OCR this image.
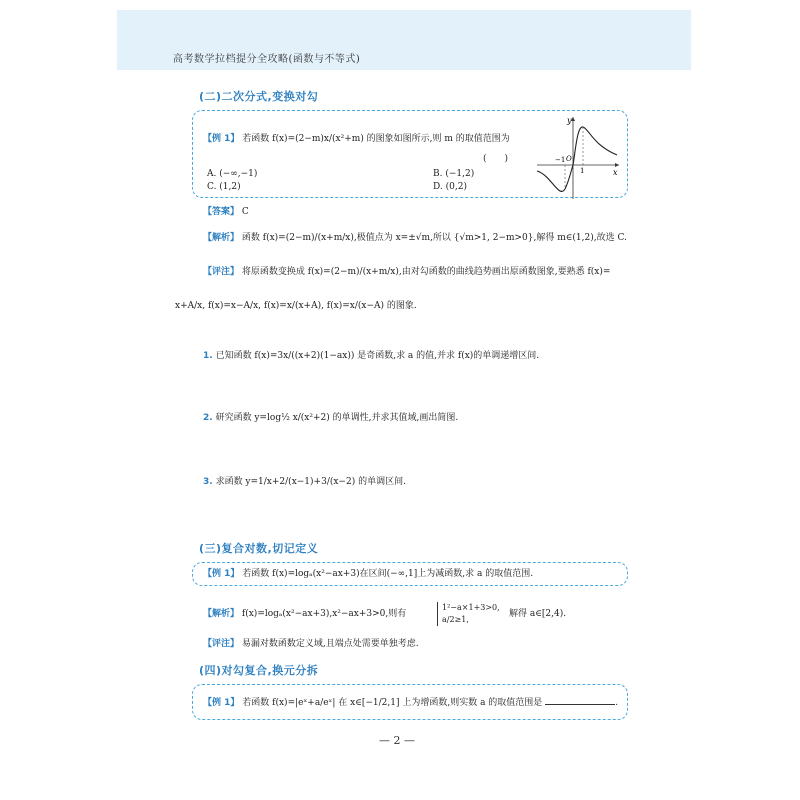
高考数学拉档提分全攻略(函数与不等式)
(二)二次分式,变换对勾
【例 1】 若函数 f(x)=(2−m)x/(x²+m) 的图象如图所示,则 m 的取值范围为
(　　)
A. (−∞,−1)	B. (−1,2)
C. (1,2)	D. (0,2)
y
x
O
−1
1
【答案】 C
【解析】 函数 f(x)=(2−m)/(x+m/x),极值点为 x=±√m,所以 {√m>1, 2−m>0},解得 m∈(1,2),故选 C.
【评注】 将原函数变换成 f(x)=(2−m)/(x+m/x),由对勾函数的曲线趋势画出原函数图象,要熟悉 f(x)=
x+A/x, f(x)=x−A/x, f(x)=x/(x+A), f(x)=x/(x−A) 的图象.
1. 已知函数 f(x)=3x/((x+2)(1−ax)) 是奇函数,求 a 的值,并求 f(x)的单调递增区间.
2. 研究函数 y=log½ x/(x²+2) 的单调性,并求其值域,画出简图.
3. 求函数 y=1/x+2/(x−1)+3/(x−2) 的单调区间.
(三)复合对数,切记定义
【例 1】 若函数 f(x)=logₐ(x²−ax+3)在区间(−∞,1]上为减函数,求 a 的取值范围.
【解析】 f(x)=logₐ(x²−ax+3),x²−ax+3>0,则有
1²−a×1+3>0,
a/2≥1,
解得 a∈[2,4).
【评注】 易漏对数函数定义域,且端点处需要单独考虑.
(四)对勾复合,换元分拆
【例 1】 若函数 f(x)=|eˣ+a/eˣ| 在 x∈[−1/2,1] 上为增函数,则实数 a 的取值范围是	.
— 2 —
